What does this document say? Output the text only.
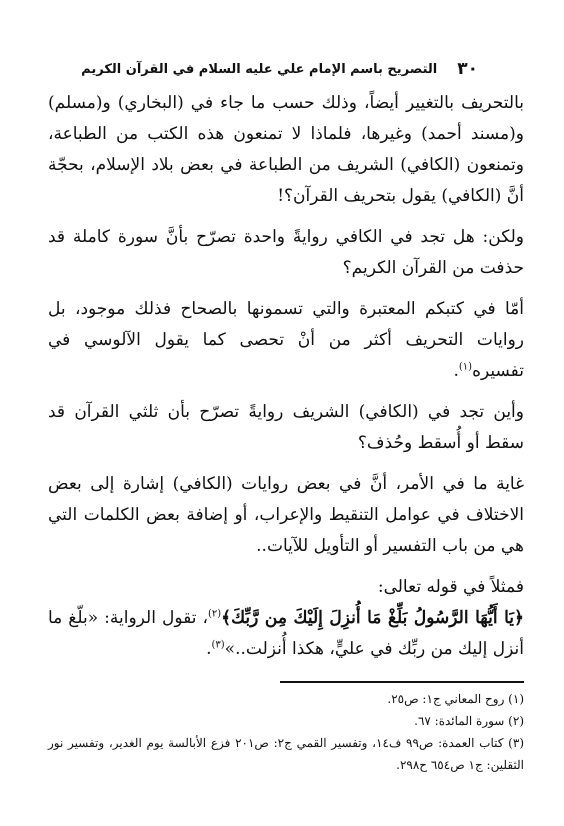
٣٠
التصريح باسم الإمام علي عليه السلام في القرآن الكريم

بالتحريف بالتغيير أيضاً، وذلك حسب ما جاء في (البخاري) و(مسلم) و(مسند أحمد) وغيرها، فلماذا لا تمنعون هذه الكتب من الطباعة، وتمنعون (الكافي) الشريف من الطباعة في بعض بلاد الإسلام، بحجّة أنَّ (الكافي) يقول بتحريف القرآن؟!

ولكن: هل تجد في الكافي روايةً واحدة تصرّح بأنَّ سورة كاملة قد حذفت من القرآن الكريم؟

أمّا في كتبكم المعتبرة والتي تسمونها بالصحاح فذلك موجود، بل روايات التحريف أكثر من أنْ تحصى كما يقول الآلوسي في تفسيره$^{(١)}$.

وأين تجد في (الكافي) الشريف روايةً تصرّح بأن ثلثي القرآن قد سقط أو أُسقط وحُذف؟

غاية ما في الأمر، أنَّ في بعض روايات (الكافي) إشارة إلى بعض الاختلاف في عوامل التنقيط والإعراب، أو إضافة بعض الكلمات التي هي من باب التفسير أو التأويل للآيات..

فمثلاً في قوله تعالى:

﴿يَا أَيُّهَا الرَّسُولُ بَلِّغْ مَا أُنزِلَ إِلَيْكَ مِن رَّبِّكَ﴾$^{(٢)}$، تقول الرواية: «بلّغ ما أنزل إليك من ربِّك في عليٍّ، هكذا أُنزلت..»$^{(٣)}$.

(١) روح المعاني ج١: ص٢٥.

(٢) سورة المائدة: ٦٧.

(٣) كتاب العمدة: ص٩٩ ف١٤، وتفسير القمي ج٢: ص٢٠١ فزع الأبالسة يوم الغدير، وتفسير نور الثقلين: ج١ ص٦٥٤ ح٢٩٨.
